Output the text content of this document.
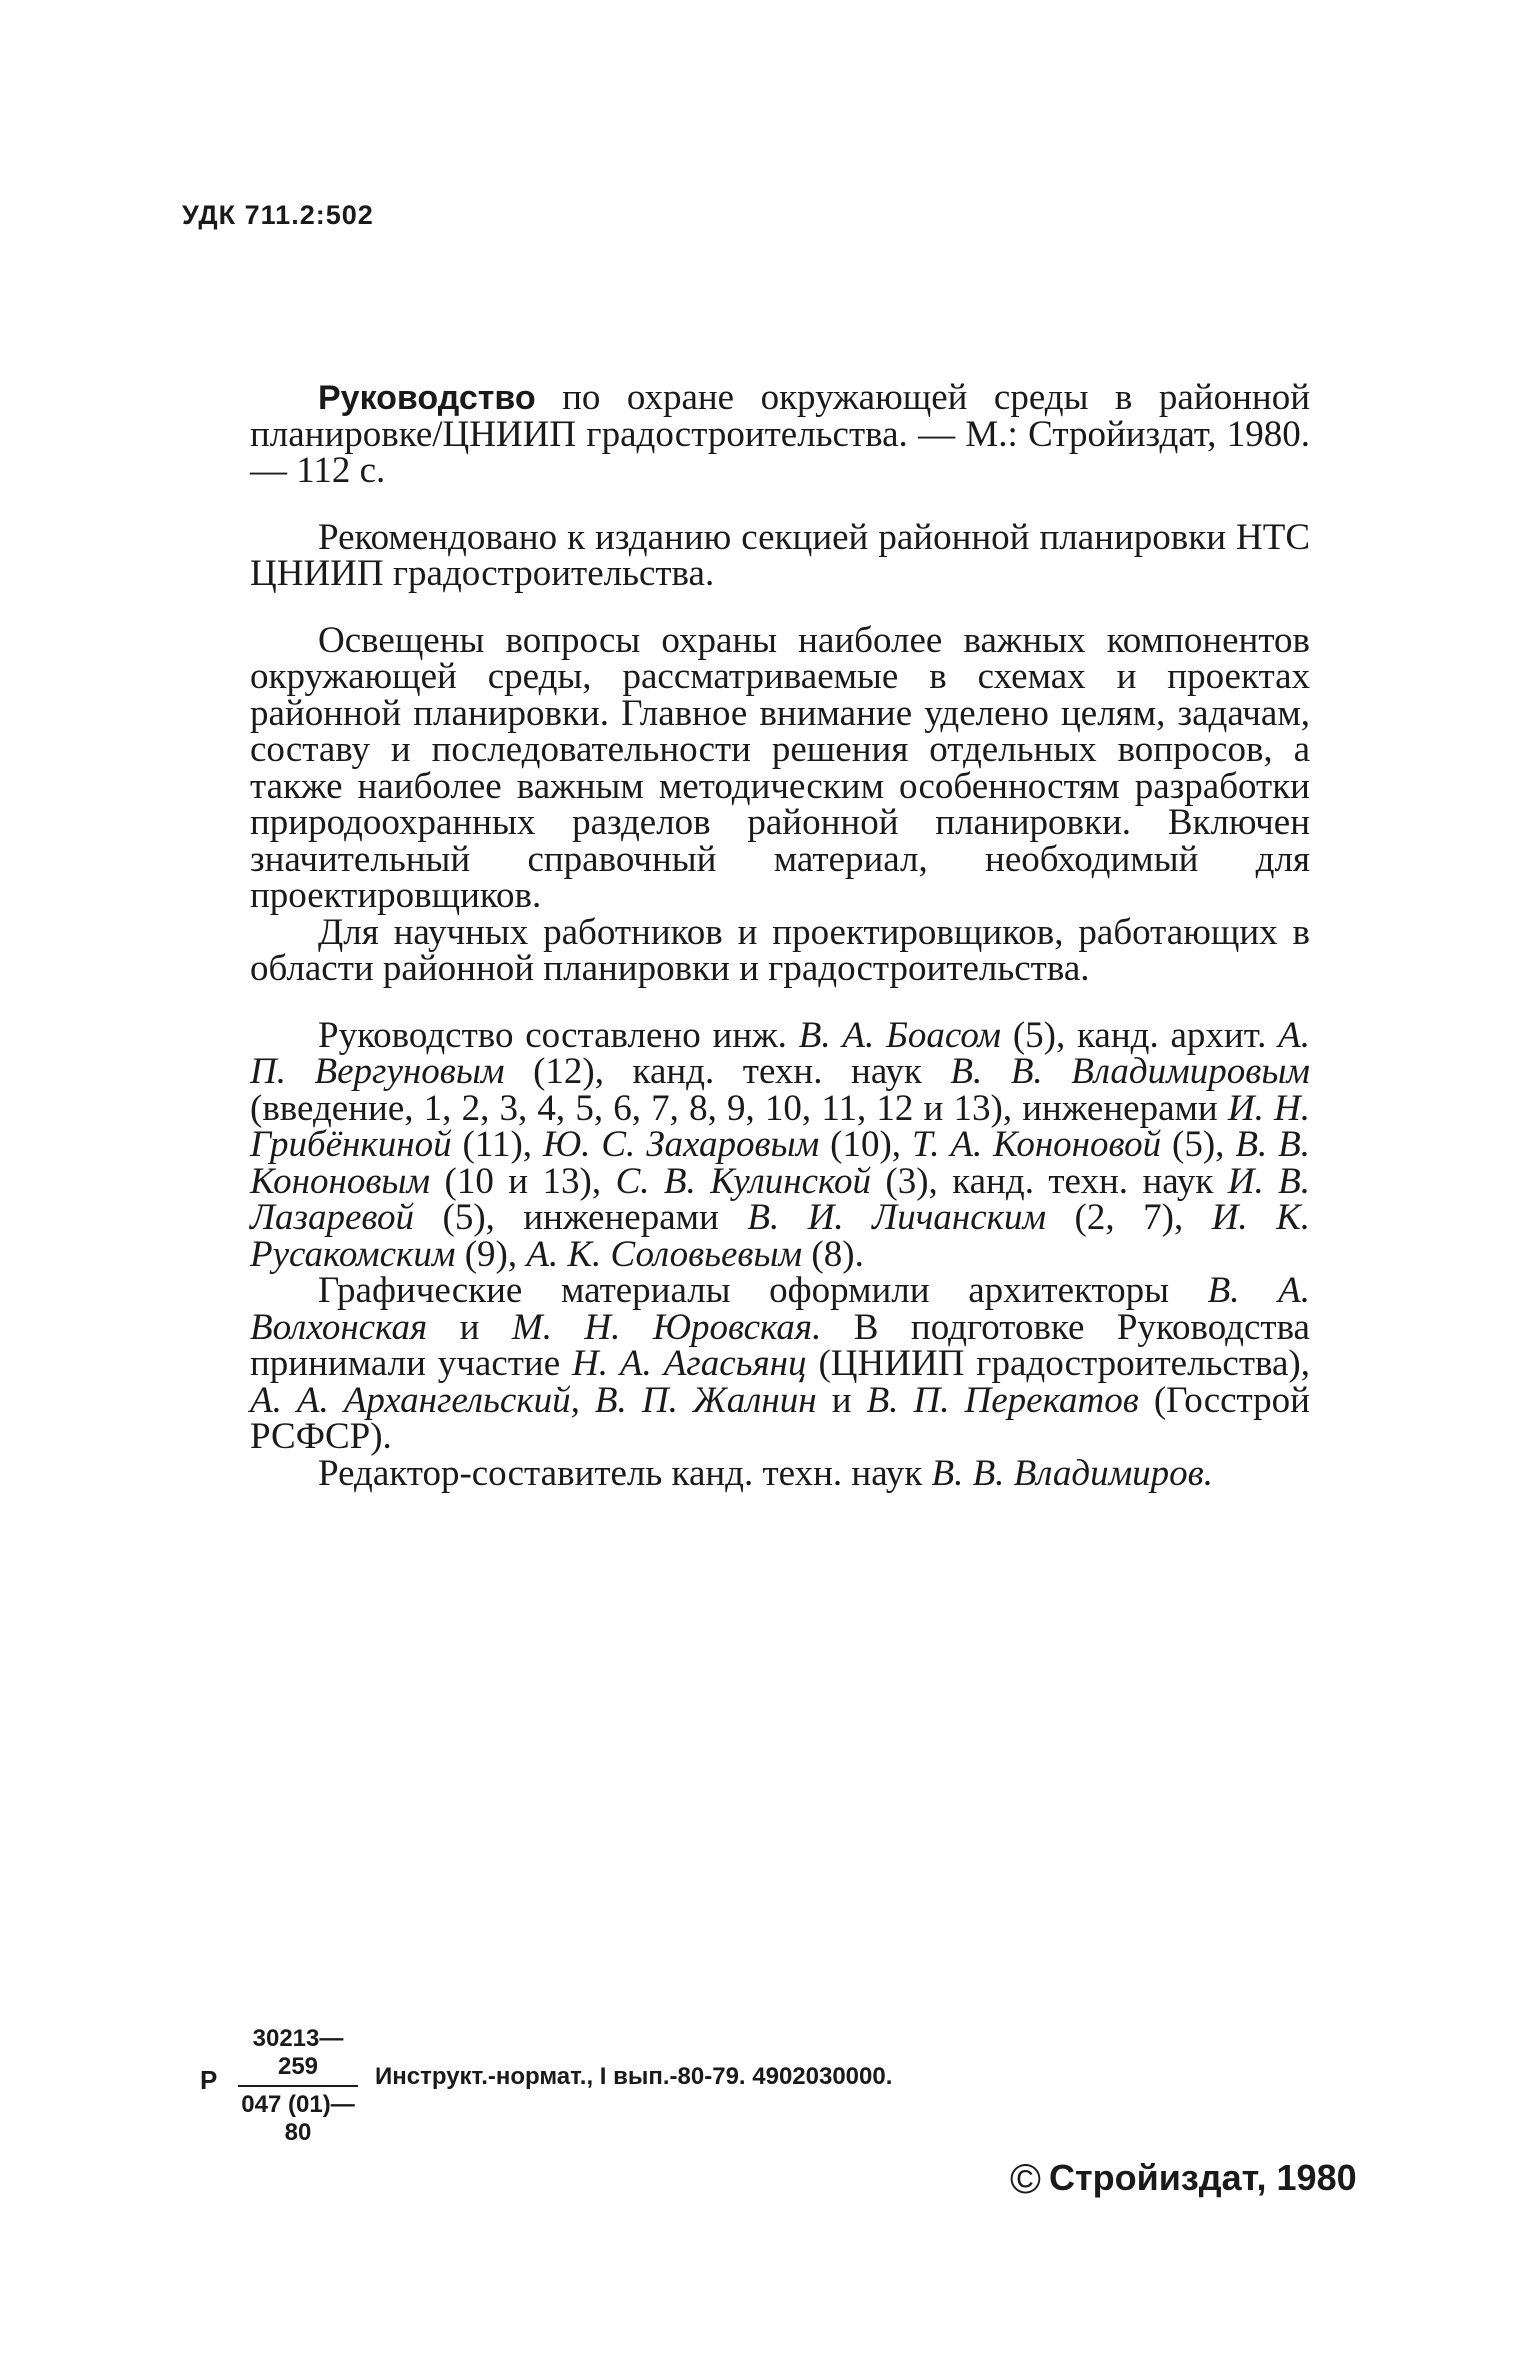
УДК 711.2:502

Руководство по охране окружающей среды в районной планировке/ЦНИИП градостроительства. — М.: Стройиздат, 1980. — 112 с.

Рекомендовано к изданию секцией районной планировки НТС ЦНИИП градостроительства.

Освещены вопросы охраны наиболее важных компонентов окружающей среды, рассматриваемые в схемах и проектах районной планировки. Главное внимание уделено целям, задачам, составу и последовательности решения отдельных вопросов, а также наиболее важным методическим особенностям разработки природоохранных разделов районной планировки. Включен значительный справочный материал, необходимый для проектировщиков.

Для научных работников и проектировщиков, работающих в области районной планировки и градостроительства.

Руководство составлено инж. В. А. Боасом (5), канд. архит. А. П. Вергуновым (12), канд. техн. наук В. В. Владимировым (введение, 1, 2, 3, 4, 5, 6, 7, 8, 9, 10, 11, 12 и 13), инженерами И. Н. Грибёнкиной (11), Ю. С. Захаровым (10), Т. А. Кононовой (5), В. В. Кононовым (10 и 13), С. В. Кулинской (3), канд. техн. наук И. В. Лазаревой (5), инженерами В. И. Личанским (2, 7), И. К. Русакомским (9), А. К. Соловьевым (8).

Графические материалы оформили архитекторы В. А. Волхонская и М. Н. Юровская. В подготовке Руководства принимали участие Н. А. Агасьянц (ЦНИИП градостроительства), А. А. Архангельский, В. П. Жалнин и В. П. Перекатов (Госстрой РСФСР).

Редактор-составитель канд. техн. наук В. В. Владимиров.

Р $\frac{30213—259}{047 (01)—80}$ Инструкт.-нормат., I вып.-80-79. 4902030000.
© Стройиздат, 1980
